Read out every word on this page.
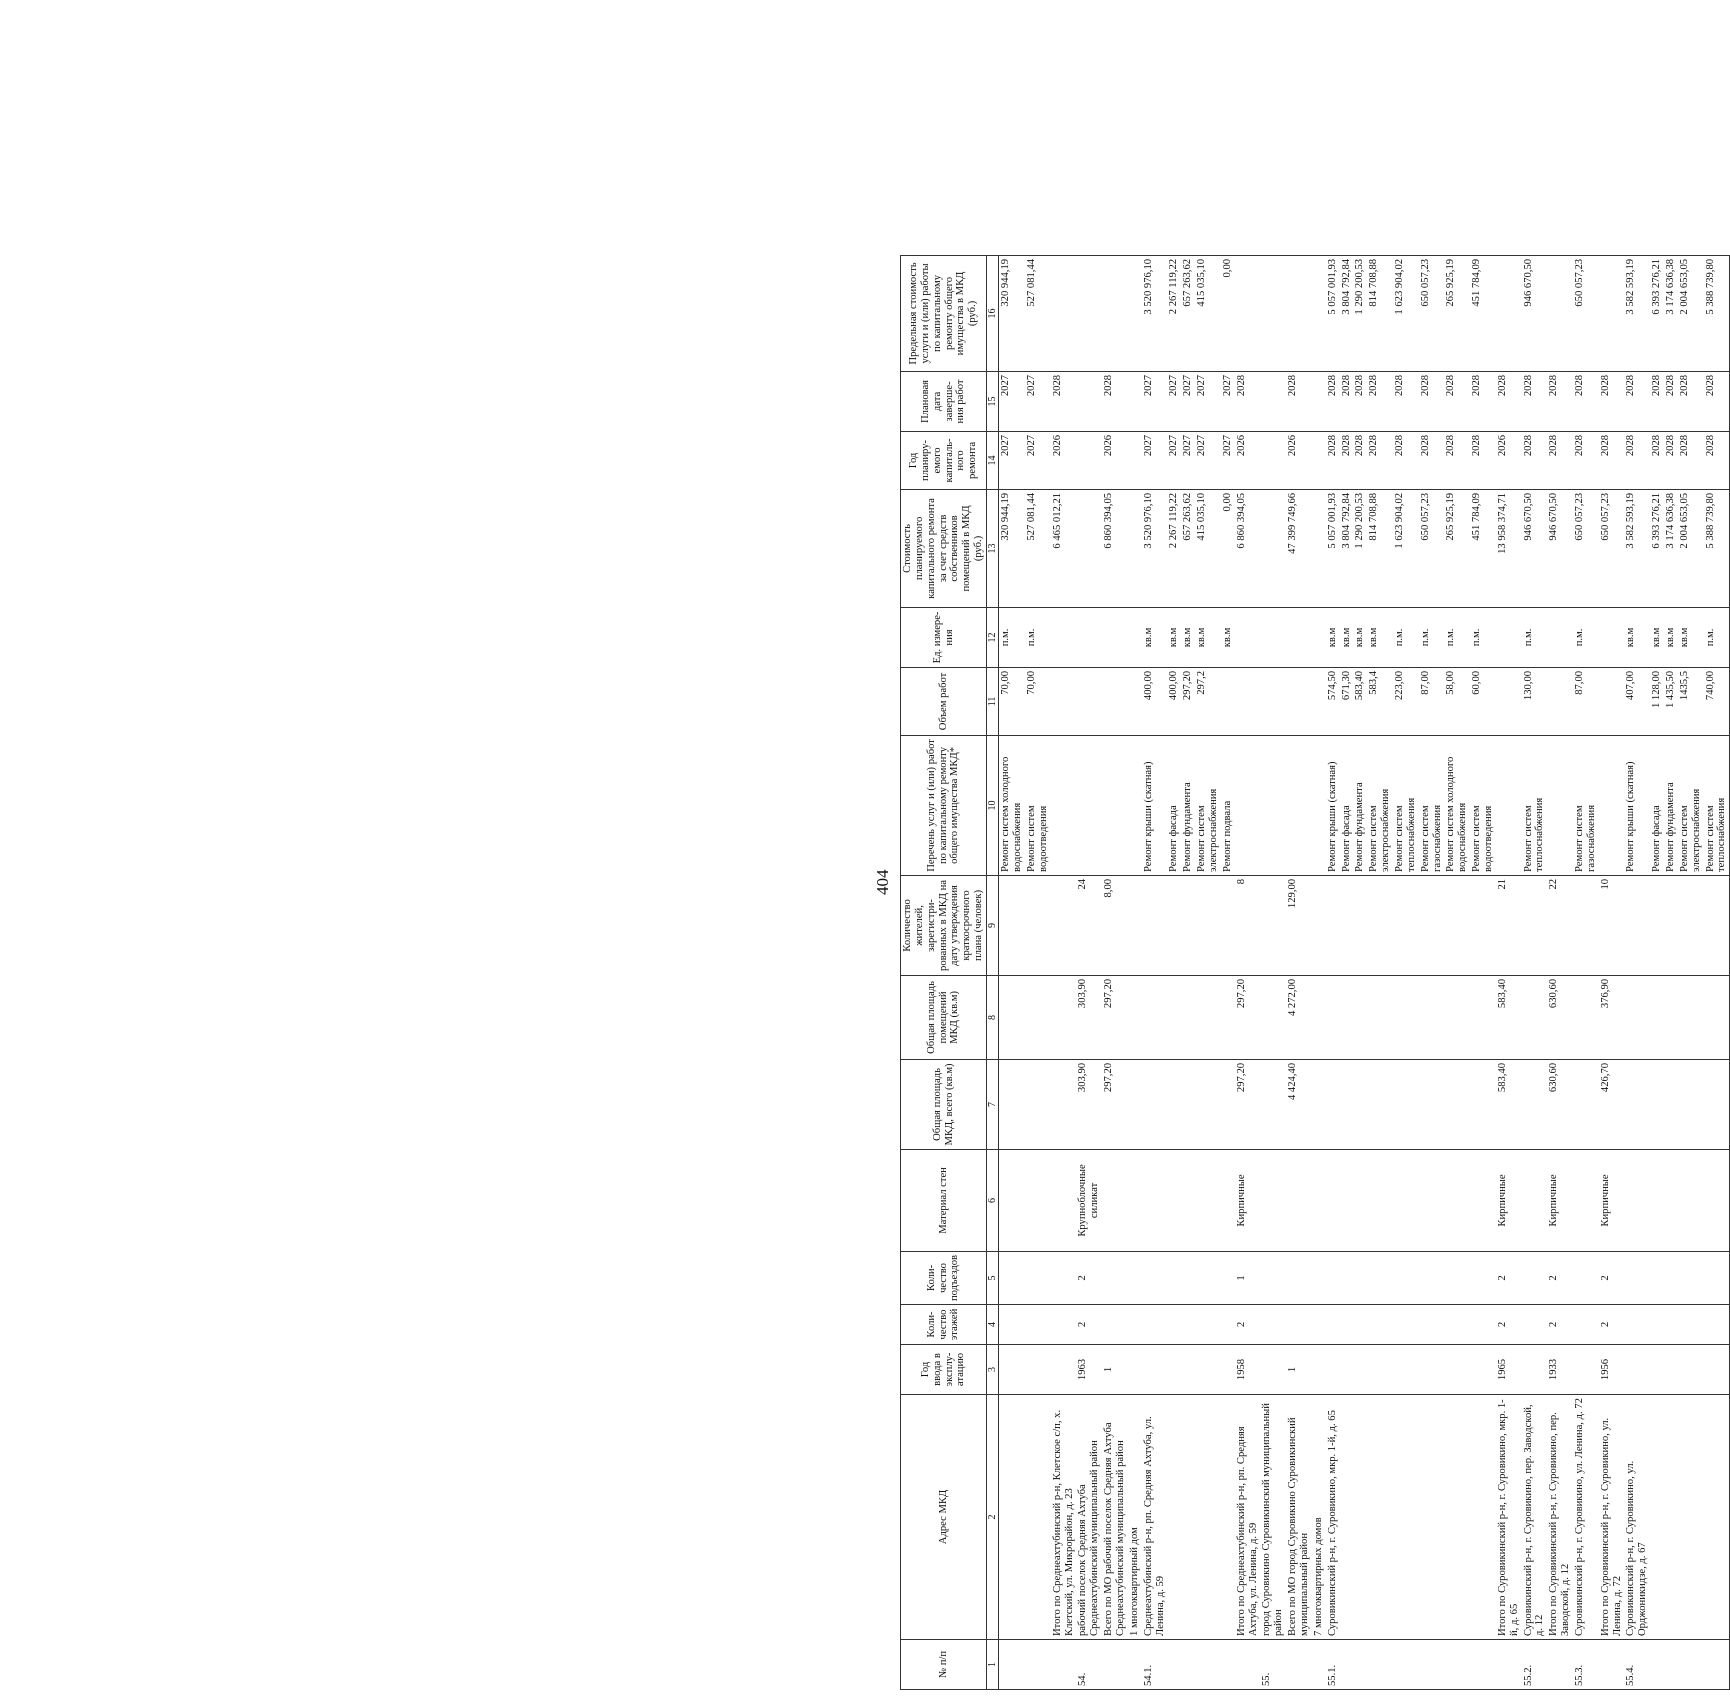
404
№ п/п	Адрес МКД	Год ввода в эксплу-атацию	Коли-чество этажей	Коли-чество подъездов	Материал стен	Общая площадь МКД, всего (кв.м)	Общая площадь помещений МКД (кв.м)	Количество жителей, зарегистри-рованных в МКД на дату утверждения краткосрочного плана (человек)	Перечень услуг и (или) работ по капитальному ремонту общего имущества МКД*	Объем работ	Ед. измере-ния	Стоимость планируемого капитального ремонта за счет средств собственников помещений в МКД (руб.)	Год планиру-емого капиталь-ного ремонта	Плановая дата заверше-ния работ	Предельная стоимость услуги и (или) работы по капитальному ремонту общего имущества в МКД (руб.)
1	2	3	4	5	6	7	8	9	10	11	12	13	14	15	16
									Ремонт систем холодного водоснабжения	70,00	п.м.	320 944,19	2027	2027	320 944,19
									Ремонт систем водоотведения	70,00	п.м.	527 081,44	2027	2027	527 081,44
	Итого по Среднеахтубинский р-н, Клетское с/п, х. Клетский, ул. Микрорайон, д. 23											6 465 012,21	2026	2028	
54.	рабочий поселок Средняя Ахтуба Среднеахтубинский муниципальный район	1963	2	2	Крупноблочные силикат	303,90	303,90	24							
	Всего по МО рабочий поселок Средняя Ахтуба Среднеахтубинский муниципальный район	1				297,20	297,20	8,00				6 860 394,05	2026	2028	
	1 многоквартирный дом														
54.1.	Среднеахтубинский р-н, рп. Средняя Ахтуба, ул. Ленина, д. 59								Ремонт крыши (скатная)	400,00	кв.м	3 520 976,10	2027	2027	3 520 976,10
									Ремонт фасада	400,00	кв.м	2 267 119,22	2027	2027	2 267 119,22
									Ремонт фундамента	297,20	кв.м	657 263,62	2027	2027	657 263,62
									Ремонт систем электроснабжения	297,2	кв.м	415 035,10	2027	2027	415 035,10
									Ремонт подвала		кв.м	0,00	2027	2027	0,00
	Итого по Среднеахтубинский р-н, рп. Средняя Ахтуба, ул. Ленина, д. 59	1958	2	1	Кирпичные	297,20	297,20	8				6 860 394,05	2026	2028	
55.	город Суровикино Суровикинский муниципальный район														
	Всего по МО город Суровикино Суровикинский муниципальный район	1				4 424,40	4 272,00	129,00				47 399 749,66	2026	2028	
	7 многоквартирных домов														
55.1.	Суровикинский р-н, г. Суровикино, мкр. 1-й, д. 65								Ремонт крыши (скатная)	574,50	кв.м	5 057 001,93	2028	2028	5 057 001,93
									Ремонт фасада	671,30	кв.м	3 804 792,84	2028	2028	3 804 792,84
									Ремонт фундамента	583,40	кв.м	1 290 200,53	2028	2028	1 290 200,53
									Ремонт систем электроснабжения	583,4	кв.м	814 708,88	2028	2028	814 708,88
									Ремонт систем теплоснабжения	223,00	п.м.	1 623 904,02	2028	2028	1 623 904,02
									Ремонт систем газоснабжения	87,00	п.м.	650 057,23	2028	2028	650 057,23
									Ремонт систем холодного водоснабжения	58,00	п.м.	265 925,19	2028	2028	265 925,19
									Ремонт систем водоотведения	60,00	п.м.	451 784,09	2028	2028	451 784,09
	Итого по Суровикинский р-н, г. Суровикино, мкр. 1-й, д. 65	1965	2	2	Кирпичные	583,40	583,40	21				13 958 374,71	2026	2028	
55.2.	Суровикинский р-н, г. Суровикино, пер. Заводской, д. 12								Ремонт систем теплоснабжения	130,00	п.м.	946 670,50	2028	2028	946 670,50
	Итого по Суровикинский р-н, г. Суровикино, пер. Заводской, д. 12	1933	2	2	Кирпичные	630,60	630,60	22				946 670,50	2028	2028	
55.3.	Суровикинский р-н, г. Суровикино, ул. Ленина, д. 72								Ремонт систем газоснабжения	87,00	п.м.	650 057,23	2028	2028	650 057,23
	Итого по Суровикинский р-н, г. Суровикино, ул. Ленина, д. 72	1956	2	2	Кирпичные	426,70	376,90	10				650 057,23	2028	2028	
55.4.	Суровикинский р-н, г. Суровикино, ул. Орджоникидзе, д. 67								Ремонт крыши (скатная)	407,00	кв.м	3 582 593,19	2028	2028	3 582 593,19
									Ремонт фасада	1 128,00	кв.м	6 393 276,21	2028	2028	6 393 276,21
									Ремонт фундамента	1 435,50	кв.м	3 174 636,38	2028	2028	3 174 636,38
									Ремонт систем электроснабжения	1435,5	кв.м	2 004 653,05	2028	2028	2 004 653,05
									Ремонт систем теплоснабжения	740,00	п.м.	5 388 739,80	2028	2028	5 388 739,80
